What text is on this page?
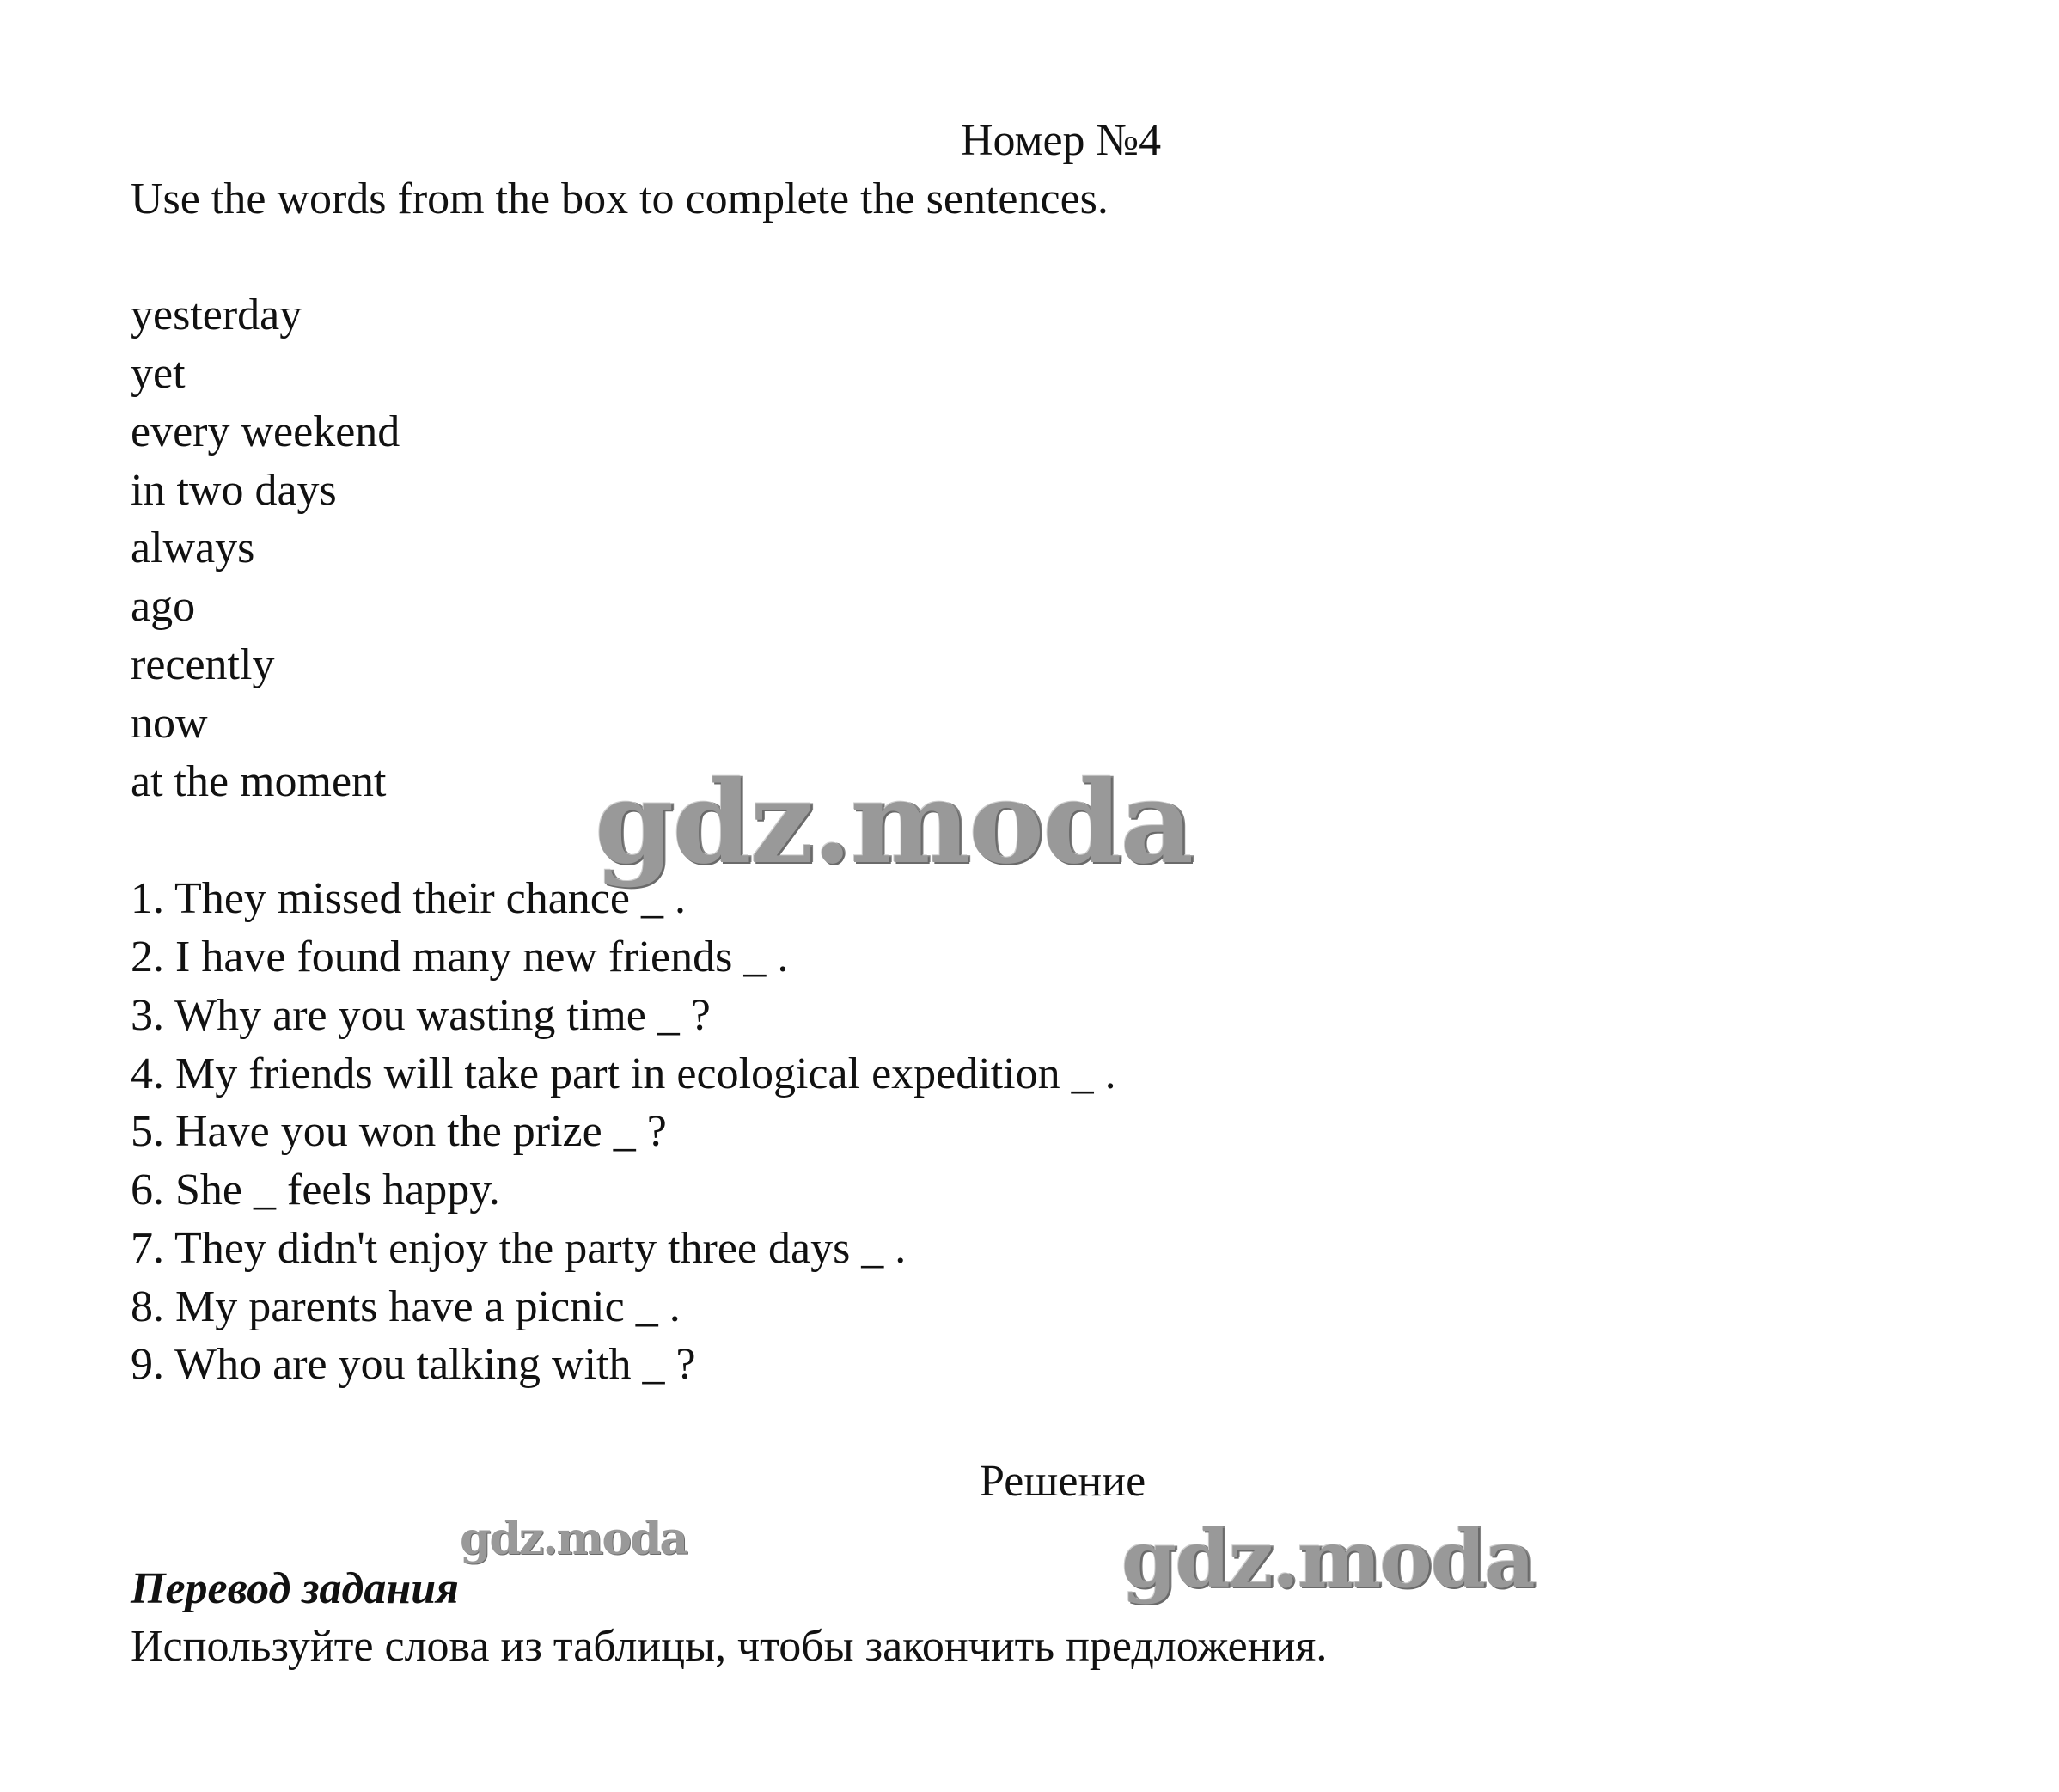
Номер №4
Use the words from the box to complete the sentences.
yesterday
yet
every weekend
in two days
always
ago
recently
now
at the moment gdz.moda
1. They missed their chance _ .
2. I have found many new friends _ .
3. Why are you wasting time _ ?
4. My friends will take part in ecological expedition _ .
5. Have you won the prize _ ?
6. She _ feels happy.
7. They didn't enjoy the party three days _ .
8. My parents have a picnic _ .
9. Who are you talking with _ ?
Решение
gdz.moda	gdz.moda
Перевод задания
Используйте слова из таблицы, чтобы закончить предложения.
